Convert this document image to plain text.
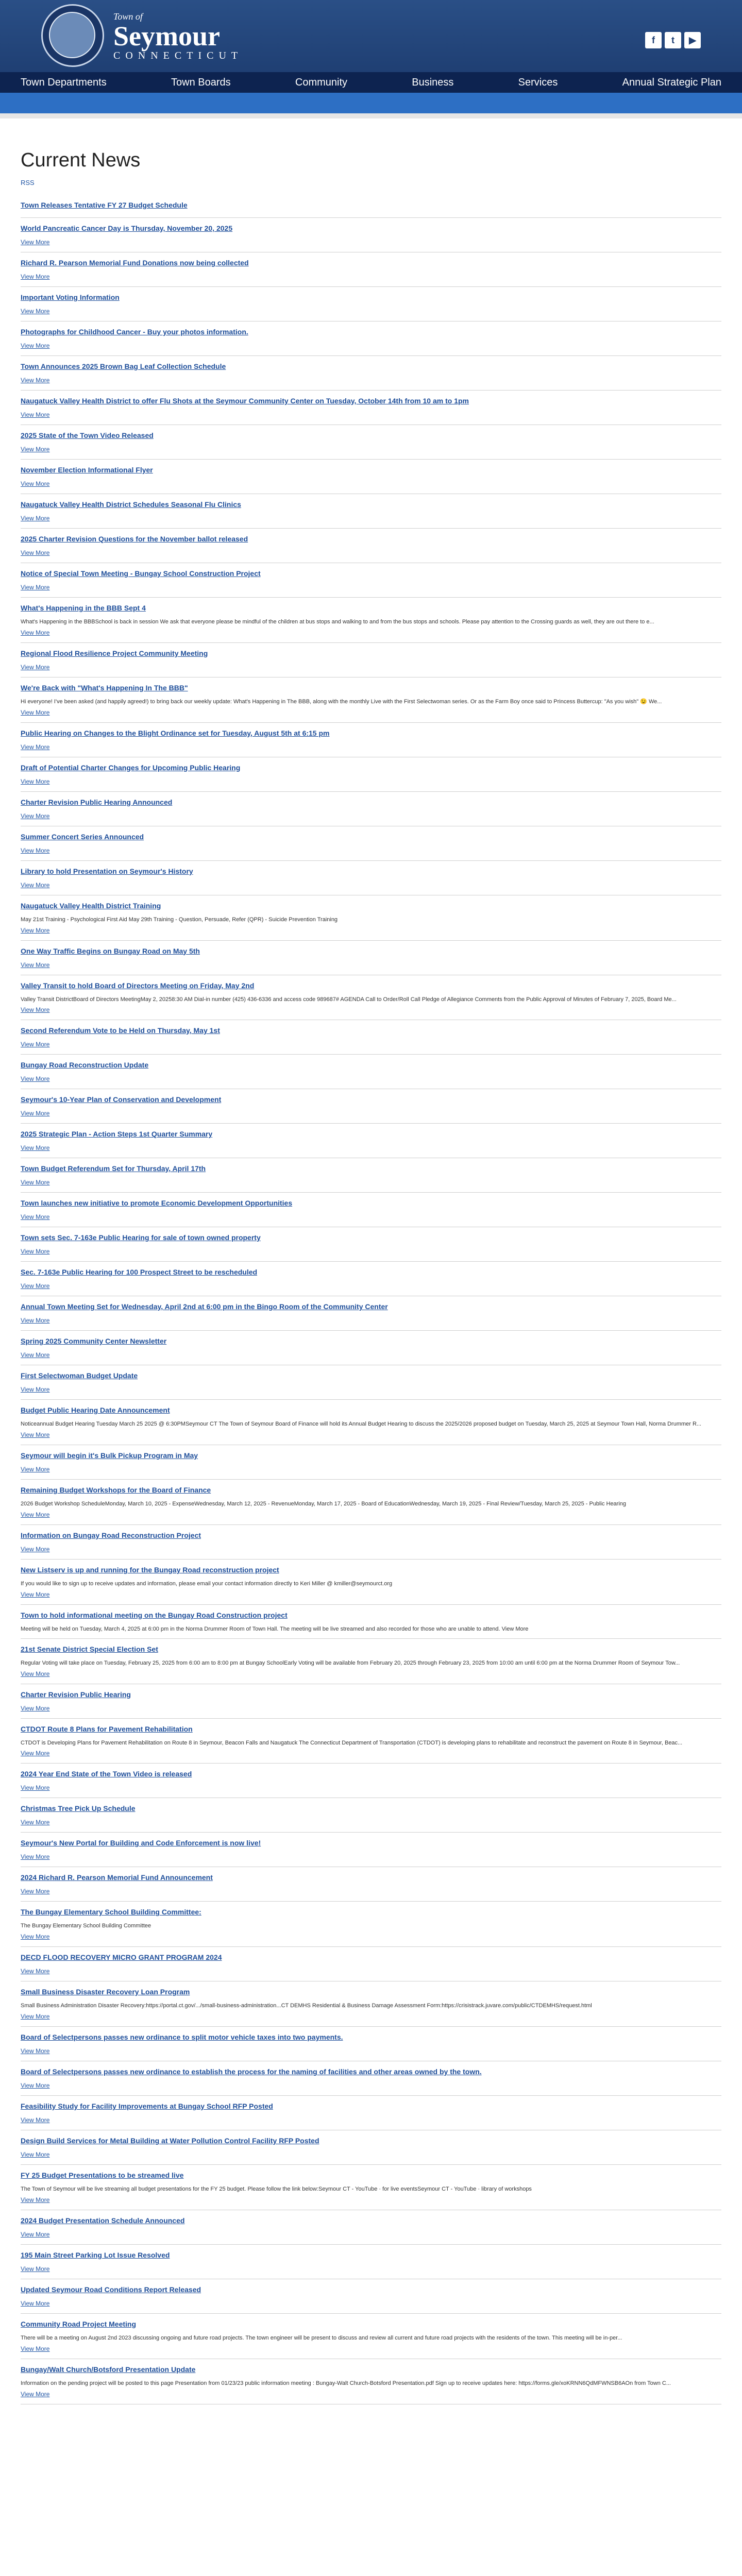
Town of
Seymour
CONNECTICUT
f	t	▶
Town Departments	Town Boards	Community	Business	Services	Annual Strategic Plan
Current News
RSS
Town Releases Tentative FY 27 Budget Schedule
World Pancreatic Cancer Day is Thursday, November 20, 2025
View More
Richard R. Pearson Memorial Fund Donations now being collected
View More
Important Voting Information
View More
Photographs for Childhood Cancer - Buy your photos information.
View More
Town Announces 2025 Brown Bag Leaf Collection Schedule
View More
Naugatuck Valley Health District to offer Flu Shots at the Seymour Community Center on Tuesday, October 14th from 10 am to 1pm
View More
2025 State of the Town Video Released
View More
November Election Informational Flyer
View More
Naugatuck Valley Health District Schedules Seasonal Flu Clinics
View More
2025 Charter Revision Questions for the November ballot released
View More
Notice of Special Town Meeting - Bungay School Construction Project
View More
What's Happening in the BBB Sept 4
What's Happening in the BBBSchool is back in session We ask that everyone please be mindful of the children at bus stops and walking to and from the bus stops and schools. Please pay attention to the Crossing guards as well, they are out there to e...
View More
Regional Flood Resilience Project Community Meeting
View More
We're Back with "What's Happening In The BBB"
Hi everyone! I've been asked (and happily agreed!) to bring back our weekly update: What's Happening in The BBB, along with the monthly Live with the First Selectwoman series. Or as the Farm Boy once said to Princess Buttercup: "As you wish" 😉 We...
View More
Public Hearing on Changes to the Blight Ordinance set for Tuesday, August 5th at 6:15 pm
View More
Draft of Potential Charter Changes for Upcoming Public Hearing
View More
Charter Revision Public Hearing Announced
View More
Summer Concert Series Announced
View More
Library to hold Presentation on Seymour's History
View More
Naugatuck Valley Health District Training
May 21st Training - Psychological First Aid May 29th Training - Question, Persuade, Refer (QPR) - Suicide Prevention Training
View More
One Way Traffic Begins on Bungay Road on May 5th
View More
Valley Transit to hold Board of Directors Meeting on Friday, May 2nd
Valley Transit DistrictBoard of Directors MeetingMay 2, 20258:30 AM Dial-in number (425) 436-6336 and access code 989687# AGENDA Call to Order/Roll Call Pledge of Allegiance Comments from the Public Approval of Minutes of February 7, 2025, Board Me...
View More
Second Referendum Vote to be Held on Thursday, May 1st
View More
Bungay Road Reconstruction Update
View More
Seymour's 10-Year Plan of Conservation and Development
View More
2025 Strategic Plan - Action Steps 1st Quarter Summary
View More
Town Budget Referendum Set for Thursday, April 17th
View More
Town launches new initiative to promote Economic Development Opportunities
View More
Town sets Sec. 7-163e Public Hearing for sale of town owned property
View More
Sec. 7-163e Public Hearing for 100 Prospect Street to be rescheduled
View More
Annual Town Meeting Set for Wednesday, April 2nd at 6:00 pm in the Bingo Room of the Community Center
View More
Spring 2025 Community Center Newsletter
View More
First Selectwoman Budget Update
View More
Budget Public Hearing Date Announcement
Noticeannual Budget Hearing Tuesday March 25 2025 @ 6:30PMSeymour CT The Town of Seymour Board of Finance will hold its Annual Budget Hearing to discuss the 2025/2026 proposed budget on Tuesday, March 25, 2025 at Seymour Town Hall, Norma Drummer R...
View More
Seymour will begin it's Bulk Pickup Program in May
View More
Remaining Budget Workshops for the Board of Finance
2026 Budget Workshop ScheduleMonday, March 10, 2025 - ExpenseWednesday, March 12, 2025 - RevenueMonday, March 17, 2025 - Board of EducationWednesday, March 19, 2025 - Final Review/Tuesday, March 25, 2025 - Public Hearing
View More
Information on Bungay Road Reconstruction Project
View More
New Listserv is up and running for the Bungay Road reconstruction project
If you would like to sign up to receive updates and information, please email your contact information directly to Keri Miller @ kmiller@seymourct.org
View More
Town to hold informational meeting on the Bungay Road Construction project
Meeting will be held on Tuesday, March 4, 2025 at 6:00 pm in the Norma Drummer Room of Town Hall. The meeting will be live streamed and also recorded for those who are unable to attend. View More
21st Senate District Special Election Set
Regular Voting will take place on Tuesday, February 25, 2025 from 6:00 am to 8:00 pm at Bungay SchoolEarly Voting will be available from February 20, 2025 through February 23, 2025 from 10:00 am until 6:00 pm at the Norma Drummer Room of Seymour Tow...
View More
Charter Revision Public Hearing
View More
CTDOT Route 8 Plans for Pavement Rehabilitation
CTDOT is Developing Plans for Pavement Rehabilitation on Route 8 in Seymour, Beacon Falls and Naugatuck The Connecticut Department of Transportation (CTDOT) is developing plans to rehabilitate and reconstruct the pavement on Route 8 in Seymour, Beac...
View More
2024 Year End State of the Town Video is released
View More
Christmas Tree Pick Up Schedule
View More
Seymour's New Portal for Building and Code Enforcement is now live!
View More
2024 Richard R. Pearson Memorial Fund Announcement
View More
The Bungay Elementary School Building Committee:
The Bungay Elementary School Building Committee
View More
DECD FLOOD RECOVERY MICRO GRANT PROGRAM 2024
View More
Small Business Disaster Recovery Loan Program
Small Business Administration Disaster Recovery:https://portal.ct.gov/.../small-business-administration...CT DEMHS Residential & Business Damage Assessment Form:https://crisistrack.juvare.com/public/CTDEMHS/request.html
View More
Board of Selectpersons passes new ordinance to split motor vehicle taxes into two payments.
View More
Board of Selectpersons passes new ordinance to establish the process for the naming of facilities and other areas owned by the town.
View More
Feasibility Study for Facility Improvements at Bungay School RFP Posted
View More
Design Build Services for Metal Building at Water Pollution Control Facility RFP Posted
View More
FY 25 Budget Presentations to be streamed live
The Town of Seymour will be live streaming all budget presentations for the FY 25 budget. Please follow the link below:Seymour CT - YouTube · for live eventsSeymour CT - YouTube · library of workshops
View More
2024 Budget Presentation Schedule Announced
View More
195 Main Street Parking Lot Issue Resolved
View More
Updated Seymour Road Conditions Report Released
View More
Community Road Project Meeting
There will be a meeting on August 2nd 2023 discussing ongoing and future road projects. The town engineer will be present to discuss and review all current and future road projects with the residents of the town. This meeting will be in-per...
View More
Bungay/Walt Church/Botsford Presentation Update
Information on the pending project will be posted to this page Presentation from 01/23/23 public information meeting : Bungay-Walt Church-Botsford Presentation.pdf Sign up to receive updates here: https://forms.gle/xoKRNN6QdMFWNSB6AOn from Town C...
View More
